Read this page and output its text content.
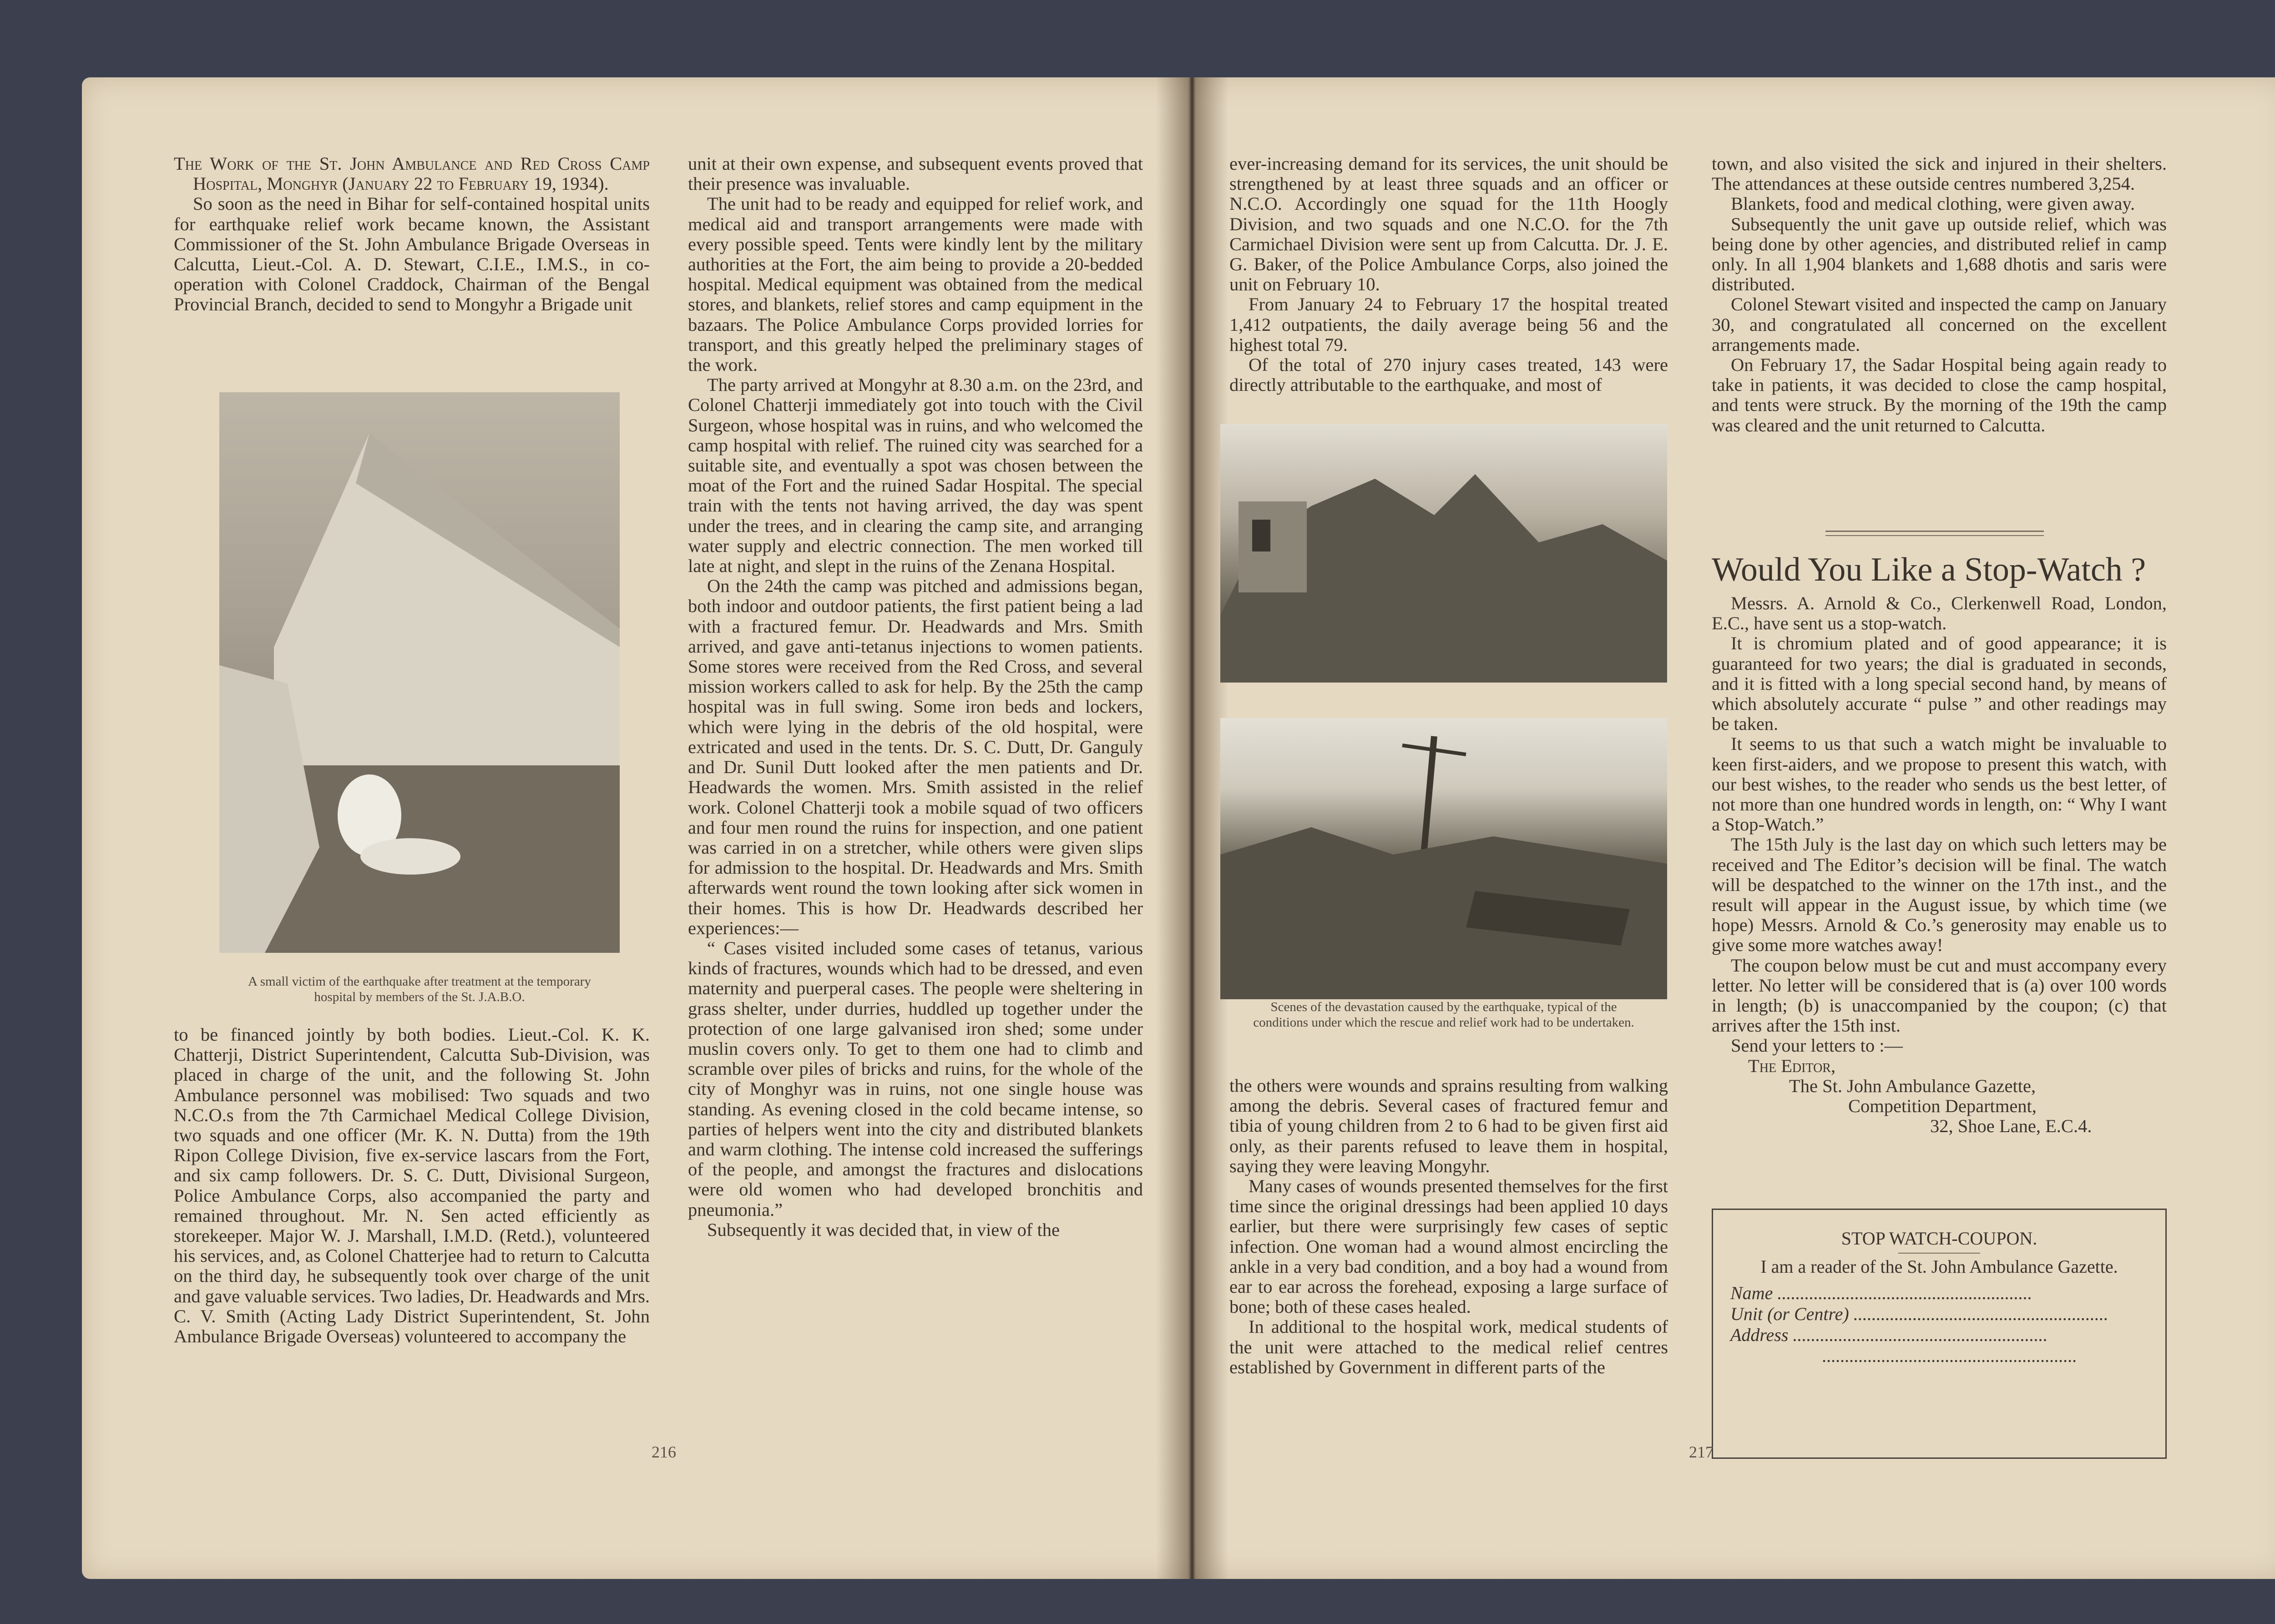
The Work of the St. John Ambulance and Red Cross Camp Hospital, Monghyr (January 22 to February 19, 1934).

So soon as the need in Bihar for self-contained hospital units for earthquake relief work became known, the Assistant Commissioner of the St. John Ambulance Brigade Overseas in Calcutta, Lieut.-Col. A. D. Stewart, C.I.E., I.M.S., in co-operation with Colonel Craddock, Chairman of the Bengal Provincial Branch, decided to send to Mongyhr a Brigade unit

A small victim of the earthquake after treatment at the temporary hospital by members of the St. J.A.B.O.

to be financed jointly by both bodies. Lieut.-Col. K. K. Chatterji, District Superintendent, Calcutta Sub-Division, was placed in charge of the unit, and the following St. John Ambulance personnel was mobilised: Two squads and two N.C.O.s from the 7th Carmichael Medical College Division, two squads and one officer (Mr. K. N. Dutta) from the 19th Ripon College Division, five ex-service lascars from the Fort, and six camp followers. Dr. S. C. Dutt, Divisional Surgeon, Police Ambulance Corps, also accompanied the party and remained throughout. Mr. N. Sen acted efficiently as storekeeper. Major W. J. Marshall, I.M.D. (Retd.), volunteered his services, and, as Colonel Chatterjee had to return to Calcutta on the third day, he subsequently took over charge of the unit and gave valuable services. Two ladies, Dr. Headwards and Mrs. C. V. Smith (Acting Lady District Superintendent, St. John Ambulance Brigade Overseas) volunteered to accompany the

unit at their own expense, and subsequent events proved that their presence was invaluable.

The unit had to be ready and equipped for relief work, and medical aid and transport arrangements were made with every possible speed. Tents were kindly lent by the military authorities at the Fort, the aim being to provide a 20-bedded hospital. Medical equipment was obtained from the medical stores, and blankets, relief stores and camp equipment in the bazaars. The Police Ambulance Corps provided lorries for transport, and this greatly helped the preliminary stages of the work.

The party arrived at Mongyhr at 8.30 a.m. on the 23rd, and Colonel Chatterji immediately got into touch with the Civil Surgeon, whose hospital was in ruins, and who welcomed the camp hospital with relief. The ruined city was searched for a suitable site, and eventually a spot was chosen between the moat of the Fort and the ruined Sadar Hospital. The special train with the tents not having arrived, the day was spent under the trees, and in clearing the camp site, and arranging water supply and electric connection. The men worked till late at night, and slept in the ruins of the Zenana Hospital.

On the 24th the camp was pitched and admissions began, both indoor and outdoor patients, the first patient being a lad with a fractured femur. Dr. Headwards and Mrs. Smith arrived, and gave anti-tetanus injections to women patients. Some stores were received from the Red Cross, and several mission workers called to ask for help. By the 25th the camp hospital was in full swing. Some iron beds and lockers, which were lying in the debris of the old hospital, were extricated and used in the tents. Dr. S. C. Dutt, Dr. Ganguly and Dr. Sunil Dutt looked after the men patients and Dr. Headwards the women. Mrs. Smith assisted in the relief work. Colonel Chatterji took a mobile squad of two officers and four men round the ruins for inspection, and one patient was carried in on a stretcher, while others were given slips for admission to the hospital. Dr. Headwards and Mrs. Smith afterwards went round the town looking after sick women in their homes. This is how Dr. Headwards described her experiences:—

“ Cases visited included some cases of tetanus, various kinds of fractures, wounds which had to be dressed, and even maternity and puerperal cases. The people were sheltering in grass shelter, under durries, huddled up together under the protection of one large galvanised iron shed; some under muslin covers only. To get to them one had to climb and scramble over piles of bricks and ruins, for the whole of the city of Monghyr was in ruins, not one single house was standing. As evening closed in the cold became intense, so parties of helpers went into the city and distributed blankets and warm clothing. The intense cold increased the sufferings of the people, and amongst the fractures and dislocations were old women who had developed bronchitis and pneumonia.”

Subsequently it was decided that, in view of the

216

ever-increasing demand for its services, the unit should be strengthened by at least three squads and an officer or N.C.O. Accordingly one squad for the 11th Hoogly Division, and two squads and one N.C.O. for the 7th Carmichael Division were sent up from Calcutta. Dr. J. E. G. Baker, of the Police Ambulance Corps, also joined the unit on February 10.

From January 24 to February 17 the hospital treated 1,412 outpatients, the daily average being 56 and the highest total 79.

Of the total of 270 injury cases treated, 143 were directly attributable to the earthquake, and most of

Scenes of the devastation caused by the earthquake, typical of the conditions under which the rescue and relief work had to be undertaken.

the others were wounds and sprains resulting from walking among the debris. Several cases of fractured femur and tibia of young children from 2 to 6 had to be given first aid only, as their parents refused to leave them in hospital, saying they were leaving Mongyhr.

Many cases of wounds presented themselves for the first time since the original dressings had been applied 10 days earlier, but there were surprisingly few cases of septic infection. One woman had a wound almost encircling the ankle in a very bad condition, and a boy had a wound from ear to ear across the forehead, exposing a large surface of bone; both of these cases healed.

In additional to the hospital work, medical students of the unit were attached to the medical relief centres established by Government in different parts of the

town, and also visited the sick and injured in their shelters. The attendances at these outside centres numbered 3,254.

Blankets, food and medical clothing, were given away.

Subsequently the unit gave up outside relief, which was being done by other agencies, and distributed relief in camp only. In all 1,904 blankets and 1,688 dhotis and saris were distributed.

Colonel Stewart visited and inspected the camp on January 30, and congratulated all concerned on the excellent arrangements made.

On February 17, the Sadar Hospital being again ready to take in patients, it was decided to close the camp hospital, and tents were struck. By the morning of the 19th the camp was cleared and the unit returned to Calcutta.

Would You Like a Stop-Watch ?

Messrs. A. Arnold & Co., Clerkenwell Road, London, E.C., have sent us a stop-watch.

It is chromium plated and of good appearance; it is guaranteed for two years; the dial is graduated in seconds, and it is fitted with a long special second hand, by means of which absolutely accurate “ pulse ” and other readings may be taken.

It seems to us that such a watch might be invaluable to keen first-aiders, and we propose to present this watch, with our best wishes, to the reader who sends us the best letter, of not more than one hundred words in length, on: “ Why I want a Stop-Watch.”

The 15th July is the last day on which such letters may be received and The Editor’s decision will be final. The watch will be despatched to the winner on the 17th inst., and the result will appear in the August issue, by which time (we hope) Messrs. Arnold & Co.’s generosity may enable us to give some more watches away!

The coupon below must be cut and must accompany every letter. No letter will be considered that is (a) over 100 words in length; (b) is unaccompanied by the coupon; (c) that arrives after the 15th inst.

Send your letters to :—

The Editor,

The St. John Ambulance Gazette,

Competition Department,

32, Shoe Lane, E.C.4.

STOP WATCH-COUPON.
I am a reader of the St. John Ambulance Gazette.
Name ........................................................
Unit (or Centre) ........................................................
Address ........................................................
........................................................
217
